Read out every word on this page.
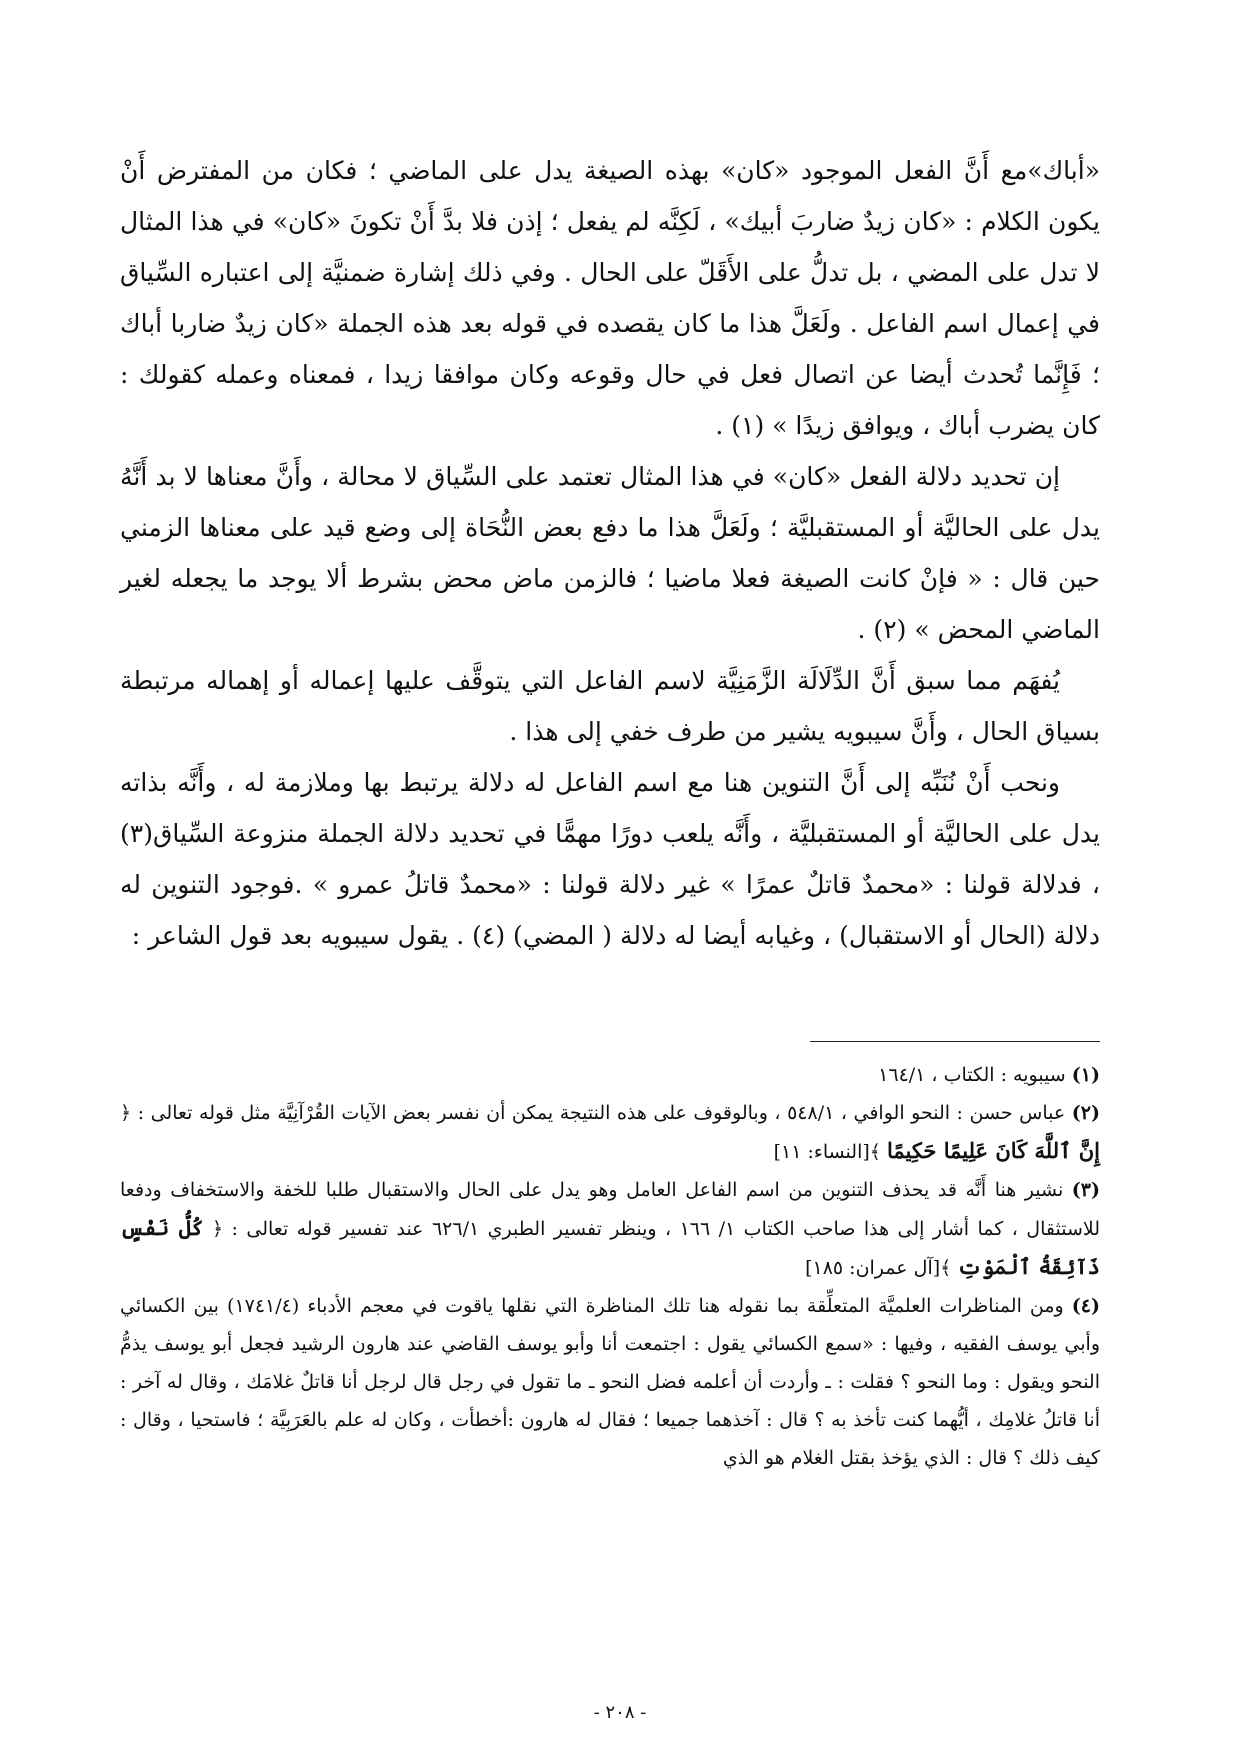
«أباك»مع أَنَّ الفعل الموجود «كان» بهذه الصيغة يدل على الماضي ؛ فكان من المفترض أَنْ يكون الكلام : «كان زيدٌ ضاربَ أبيك» ، لَكِنَّه لم يفعل ؛ إذن فلا بدَّ أَنْ تكونَ «كان» في هذا المثال لا تدل على المضي ، بل تدلُّ على الأَقَلّ على الحال . وفي ذلك إشارة ضمنيَّة إلى اعتباره السِّياق في إعمال اسم الفاعل . ولَعَلَّ هذا ما كان يقصده في قوله بعد هذه الجملة «كان زيدٌ ضاربا أباك ؛ فَإِنَّما تُحدث أيضا عن اتصال فعل في حال وقوعه وكان موافقا زيدا ، فمعناه وعمله كقولك : كان يضرب أباك ، ويوافق زيدًا » (١) .

إن تحديد دلالة الفعل «كان» في هذا المثال تعتمد على السِّياق لا محالة ، وأَنَّ معناها لا بد أَنَّهُ يدل على الحاليَّة أو المستقبليَّة ؛ ولَعَلَّ هذا ما دفع بعض النُّحَاة إلى وضع قيد على معناها الزمني حين قال : « فإنْ كانت الصيغة فعلا ماضيا ؛ فالزمن ماض محض بشرط ألا يوجد ما يجعله لغير الماضي المحض » (٢) .

يُفهَم مما سبق أَنَّ الدِّلَالَة الزَّمَنِيَّة لاسم الفاعل التي يتوقَّف عليها إعماله أو إهماله مرتبطة بسياق الحال ، وأَنَّ سيبويه يشير من طرف خفي إلى هذا .

ونحب أَنْ نُنَبِّه إلى أَنَّ التنوين هنا مع اسم الفاعل له دلالة يرتبط بها وملازمة له ، وأَنَّه بذاته يدل على الحاليَّة أو المستقبليَّة ، وأَنَّه يلعب دورًا مهمًّا في تحديد دلالة الجملة منزوعة السِّياق(٣) ، فدلالة قولنا : «محمدٌ قاتلٌ عمرًا » غير دلالة قولنا : «محمدٌ قاتلُ عمرو » .فوجود التنوين له دلالة (الحال أو الاستقبال) ، وغيابه أيضا له دلالة ( المضي) (٤) . يقول سيبويه بعد قول الشاعر :

(١) سيبويه : الكتاب ، ١٦٤/١

(٢) عباس حسن : النحو الوافي ، ٥٤٨/١ ، وبالوقوف على هذه النتيجة يمكن أن نفسر بعض الآيات القُرْآنِيَّة مثل قوله تعالى : ﴿ إِنَّ ٱللَّهَ كَانَ عَلِيمًا حَكِيمًا ﴾[النساء: ١١]

(٣) نشير هنا أَنَّه قد يحذف التنوين من اسم الفاعل العامل وهو يدل على الحال والاستقبال طلبا للخفة والاستخفاف ودفعا للاستثقال ، كما أشار إلى هذا صاحب الكتاب ١/ ١٦٦ ، وينظر تفسير الطبري ٦٢٦/١ عند تفسير قوله تعالى : ﴿ كُلُّ نَفْسٍ ذَآئِقَةُ ٱلْمَوْتِ ﴾[آل عمران: ١٨٥]

(٤) ومن المناظرات العلميَّة المتعلِّقة بما نقوله هنا تلك المناظرة التي نقلها ياقوت في معجم الأدباء (١٧٤١/٤) بين الكسائي وأبي يوسف الفقيه ، وفيها : «سمع الكسائي يقول : اجتمعت أنا وأبو يوسف القاضي عند هارون الرشيد فجعل أبو يوسف يذمُّ النحو ويقول : وما النحو ؟ فقلت : ـ وأردت أن أعلمه فضل النحو ـ ما تقول في رجل قال لرجل أنا قاتلٌ غلامَك ، وقال له آخر : أنا قاتلُ غلامِك ، أيُّهما كنت تأخذ به ؟ قال : آخذهما جميعا ؛ فقال له هارون :أخطأت ، وكان له علم بالعَرَبِيَّة ؛ فاستحيا ، وقال : كيف ذلك ؟ قال : الذي يؤخذ بقتل الغلام هو الذي

- ٢٠٨ -
